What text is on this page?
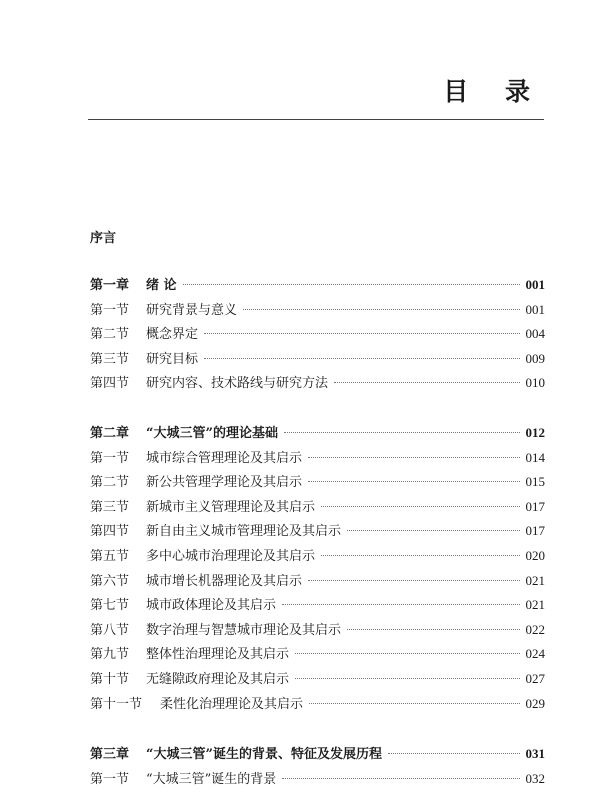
目 录
序言
第一章	绪 论	001
第一节	研究背景与意义	001
第二节	概念界定	004
第三节	研究目标	009
第四节	研究内容、技术路线与研究方法	010
第二章	“大城三管”的理论基础	012
第一节	城市综合管理理论及其启示	014
第二节	新公共管理学理论及其启示	015
第三节	新城市主义管理理论及其启示	017
第四节	新自由主义城市管理理论及其启示	017
第五节	多中心城市治理理论及其启示	020
第六节	城市增长机器理论及其启示	021
第七节	城市政体理论及其启示	021
第八节	数字治理与智慧城市理论及其启示	022
第九节	整体性治理理论及其启示	024
第十节	无缝隙政府理论及其启示	027
第十一节	柔性化治理理论及其启示	029
第三章	“大城三管”诞生的背景、特征及发展历程	031
第一节	“大城三管”诞生的背景	032
